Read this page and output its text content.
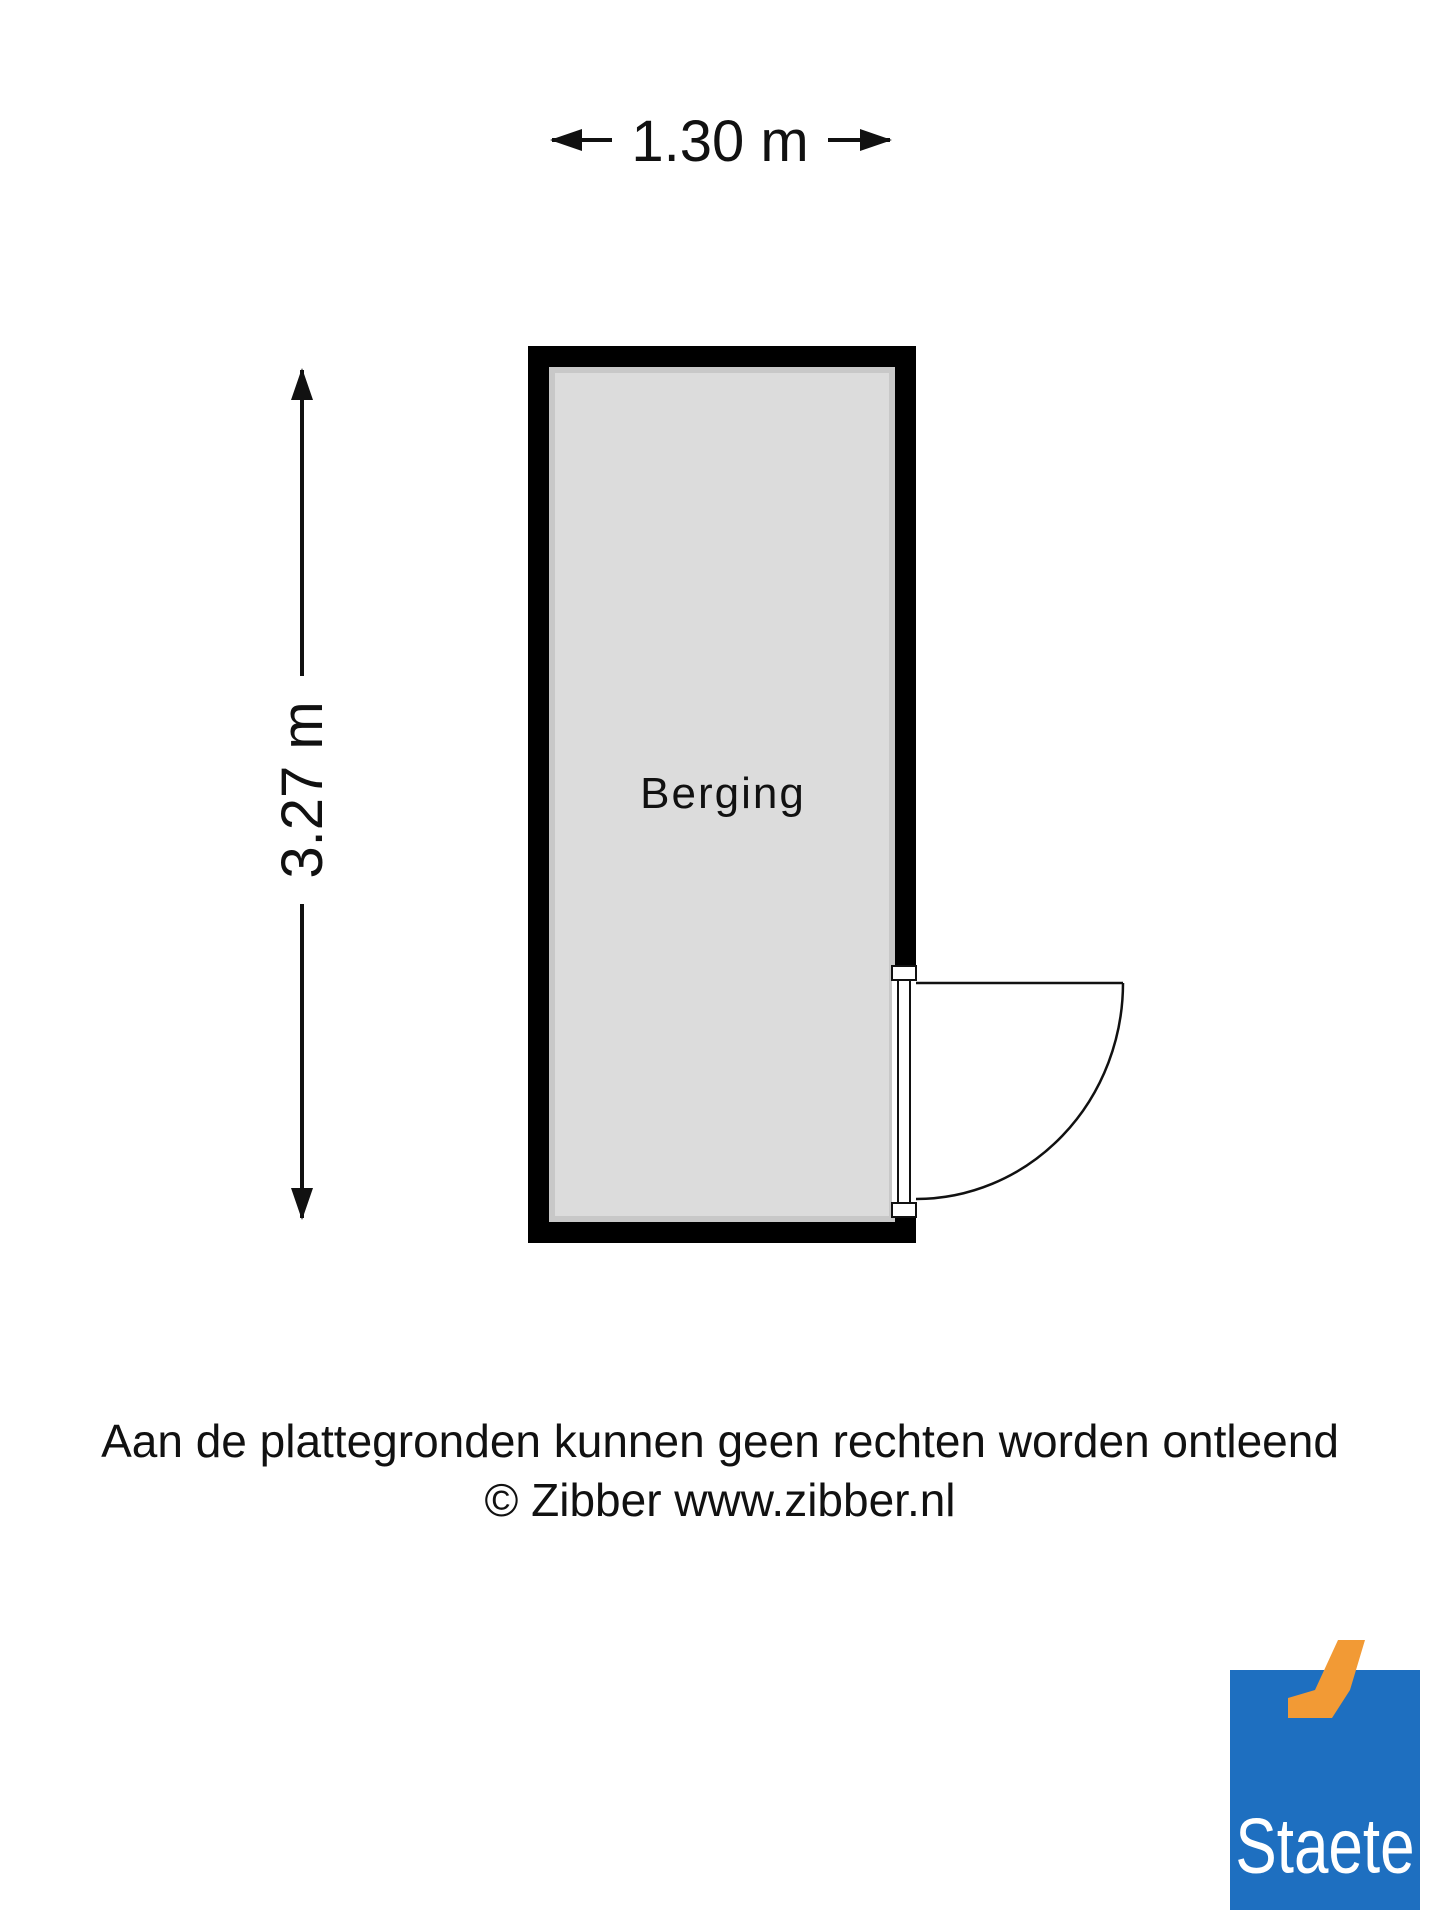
1.30 m
3.27 m	Berging
Aan de plattegronden kunnen geen rechten worden ontleend
© Zibber www.zibber.nl
Staete
